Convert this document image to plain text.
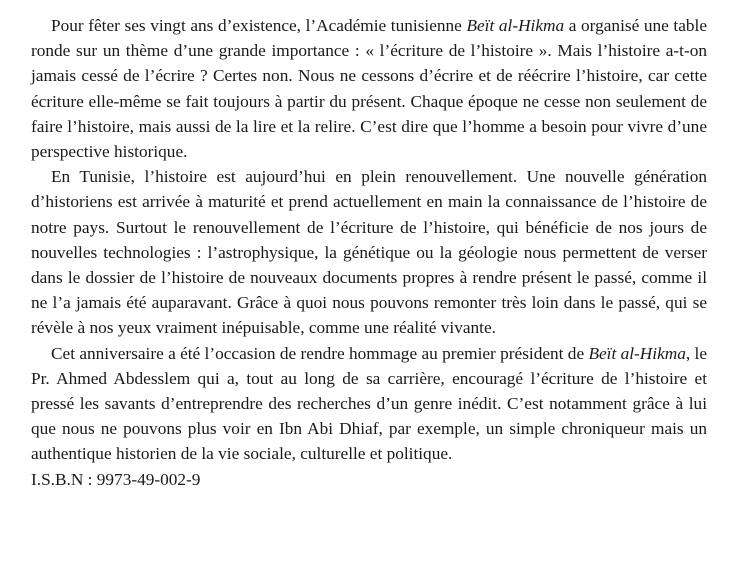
Pour fêter ses vingt ans d’existence, l’Académie tunisienne Beït al-Hikma a organisé une table ronde sur un thème d’une grande importance : « l’écriture de l’histoire ». Mais l’histoire a-t-on jamais cessé de l’écrire ? Certes non. Nous ne cessons d’écrire et de réécrire l’histoire, car cette écriture elle-même se fait toujours à partir du présent. Chaque époque ne cesse non seulement de faire l’histoire, mais aussi de la lire et la relire. C’est dire que l’homme a besoin pour vivre d’une perspective historique.

En Tunisie, l’histoire est aujourd’hui en plein renouvellement. Une nouvelle génération d’historiens est arrivée à maturité et prend actuellement en main la connaissance de l’histoire de notre pays. Surtout le renouvellement de l’écriture de l’histoire, qui bénéficie de nos jours de nouvelles technologies : l’astrophysique, la génétique ou la géologie nous permettent de verser dans le dossier de l’histoire de nouveaux documents propres à rendre présent le passé, comme il ne l’a jamais été auparavant. Grâce à quoi nous pouvons remonter très loin dans le passé, qui se révèle à nos yeux vraiment inépuisable, comme une réalité vivante.

Cet anniversaire a été l’occasion de rendre hommage au premier président de Beït al-Hikma, le Pr. Ahmed Abdesslem qui a, tout au long de sa carrière, encouragé l’écriture de l’histoire et pressé les savants d’entreprendre des recherches d’un genre inédit. C’est notamment grâce à lui que nous ne pouvons plus voir en Ibn Abi Dhiaf, par exemple, un simple chroniqueur mais un authentique historien de la vie sociale, culturelle et politique.

I.S.B.N : 9973-49-002-9
